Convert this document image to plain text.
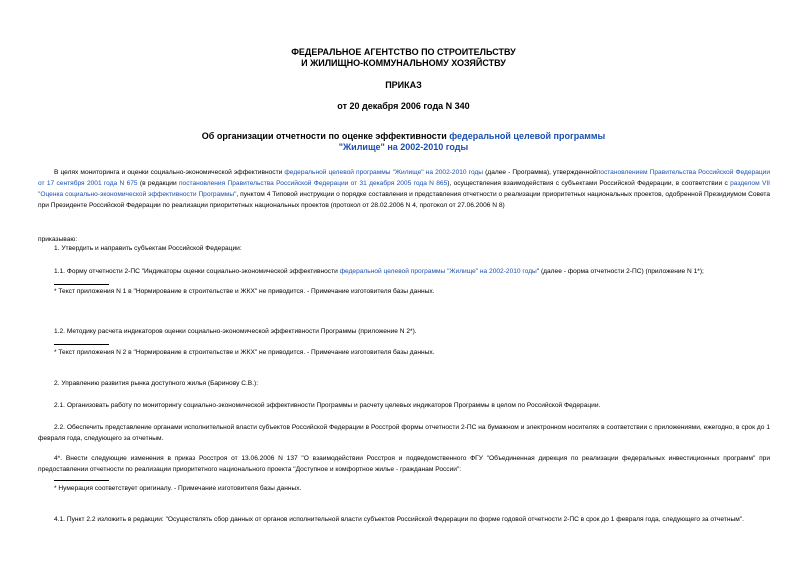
ФЕДЕРАЛЬНОЕ АГЕНТСТВО ПО СТРОИТЕЛЬСТВУ
И ЖИЛИЩНО-КОММУНАЛЬНОМУ ХОЗЯЙСТВУ
ПРИКАЗ
от 20 декабря 2006 года N 340
Об организации отчетности по оценке эффективности федеральной целевой программы
"Жилище" на 2002-2010 годы
В целях мониторинга и оценки социально-экономической эффективности федеральной целевой программы "Жилище" на 2002-2010 годы (далее - Программа), утвержденнойпостановлением Правительства Российской Федерации от 17 сентября 2001 года N 675 (в редакции постановления Правительства Российской Федерации от 31 декабря 2005 года N 865), осуществления взаимодействия с субъектами Российской Федерации, в соответствии с разделом VII "Оценка социально-экономической эффективности Программы", пунктом 4 Типовой инструкции о порядке составления и представления отчетности о реализации приоритетных национальных проектов, одобренной Президиумом Совета при Президенте Российской Федерации по реализации приоритетных национальных проектов (протокол от 28.02.2006 N 4, протокол от 27.06.2006 N 8)
приказываю:
1. Утвердить и направить субъектам Российской Федерации:
1.1. Форму отчетности 2-ПС "Индикаторы оценки социально-экономической эффективности федеральной целевой программы "Жилище" на 2002-2010 годы" (далее - форма отчетности 2-ПС) (приложение N 1*);
* Текст приложения N 1 в "Нормирование в строительстве и ЖКХ" не приводится. - Примечание изготовителя базы данных.
1.2. Методику расчета индикаторов оценки социально-экономической эффективности Программы (приложение N 2*).
* Текст приложения N 2 в "Нормирование в строительстве и ЖКХ" не приводится. - Примечание изготовителя базы данных.
2. Управлению развития рынка доступного жилья (Баринову С.В.):
2.1. Организовать работу по мониторингу социально-экономической эффективности Программы и расчету целевых индикаторов Программы в целом по Российской Федерации.
2.2. Обеспечить представление органами исполнительной власти субъектов Российской Федерации в Росстрой формы отчетности 2-ПС на бумажном и электронном носителях в соответствии с приложениями, ежегодно, в срок до 1 февраля года, следующего за отчетным.
4*. Внести следующие изменения в приказ Росстроя от 13.06.2006 N 137 "О взаимодействии Росстроя и подведомственного ФГУ "Объединенная дирекция по реализации федеральных инвестиционных программ" при предоставлении отчетности по реализации приоритетного национального проекта "Доступное и комфортное жилье - гражданам России":
* Нумерация соответствует оригиналу. - Примечание изготовителя базы данных.
4.1. Пункт 2.2 изложить в редакции: "Осуществлять сбор данных от органов исполнительной власти субъектов Российской Федерации по форме годовой отчетности 2-ПС в срок до 1 февраля года, следующего за отчетным".
